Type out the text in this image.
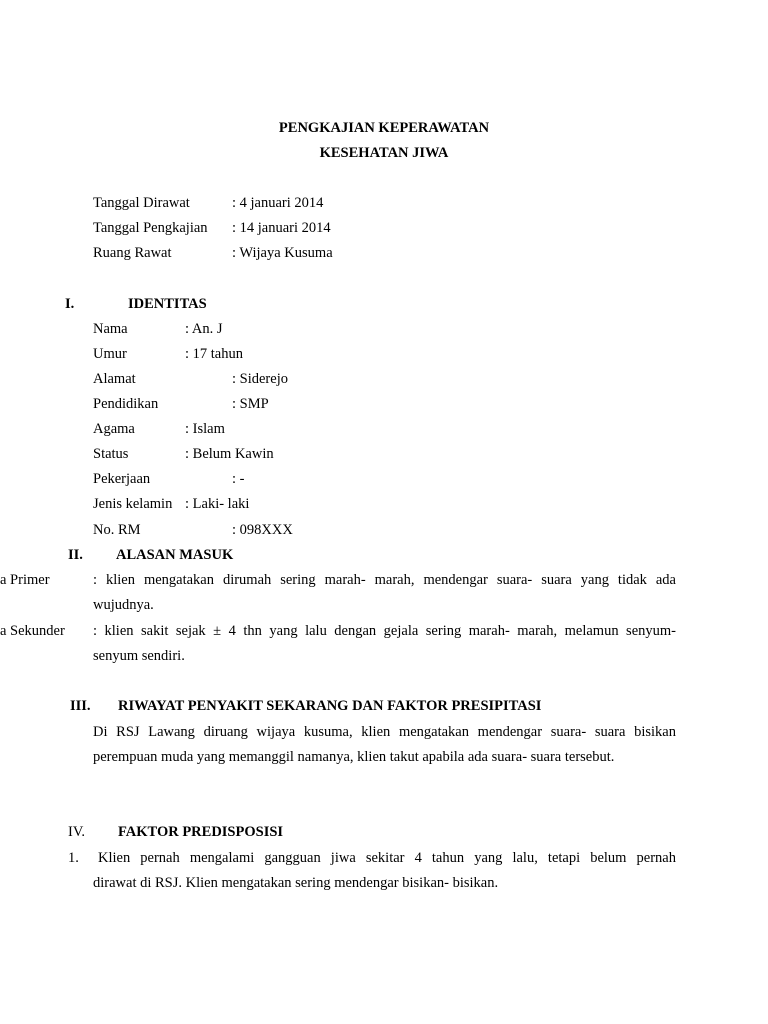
PENGKAJIAN KEPERAWATAN
KESEHATAN JIWA
Tanggal Dirawat	: 4 januari 2014
Tanggal Pengkajian : 14 januari 2014
Ruang Rawat	: Wijaya Kusuma
I.	IDENTITAS
Nama	: An. J
Umur	: 17 tahun
Alamat	: Siderejo
Pendidikan	: SMP
Agama	: Islam
Status	: Belum Kawin
Pekerjaan	: -
Jenis kelamin : Laki- laki
No. RM	: 098XXX
II. ALASAN MASUK
a Primer	: klien mengatakan dirumah sering marah- marah, mendengar suara- suara yang tidak ada
wujudnya.
a Sekunder : klien sakit sejak ± 4 thn yang lalu dengan gejala sering marah- marah, melamun senyum-
senyum sendiri.
III. RIWAYAT PENYAKIT SEKARANG DAN FAKTOR PRESIPITASI
Di RSJ Lawang diruang wijaya kusuma, klien mengatakan mendengar suara- suara bisikan
perempuan muda yang memanggil namanya, klien takut apabila ada suara- suara tersebut.
IV. FAKTOR PREDISPOSISI
1. Klien pernah mengalami gangguan jiwa sekitar 4 tahun yang lalu, tetapi belum pernah
dirawat di RSJ. Klien mengatakan sering mendengar bisikan- bisikan.
